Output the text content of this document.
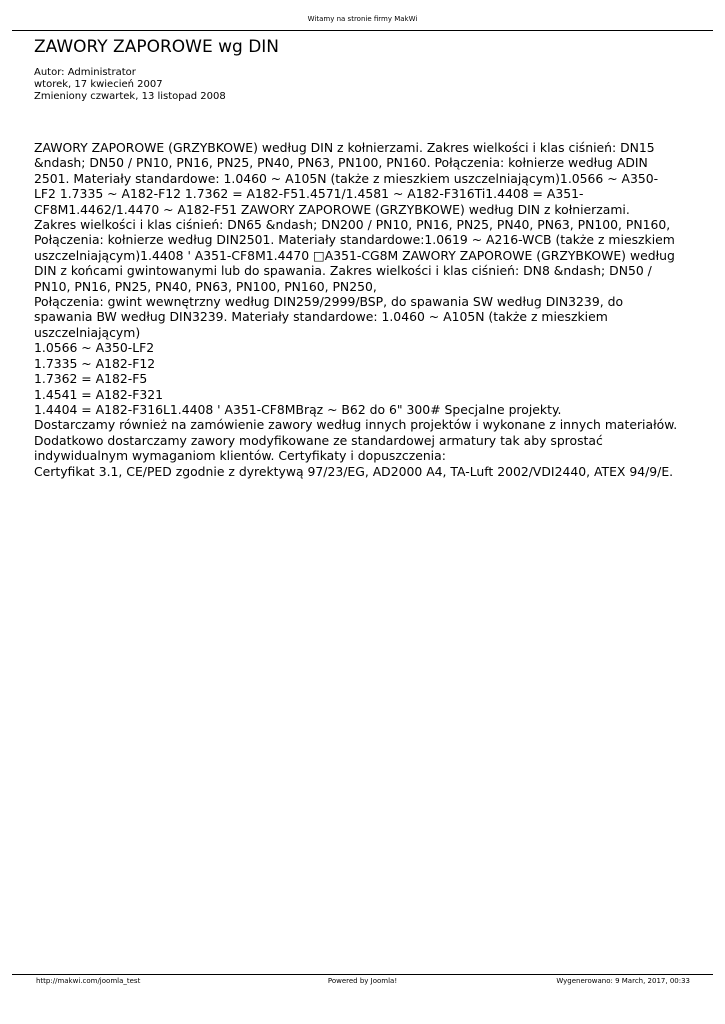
Witamy na stronie firmy MakWi
ZAWORY ZAPOROWE wg DIN
Autor: Administrator
wtorek, 17 kwiecień 2007
Zmieniony czwartek, 13 listopad 2008
ZAWORY ZAPOROWE (GRZYBKOWE) według DIN z kołnierzami. Zakres wielkości i klas ciśnień: DN15
&ndash; DN50 / PN10, PN16, PN25, PN40, PN63, PN100, PN160. Połączenia: kołnierze według ADIN
2501. Materiały standardowe: 1.0460 ~ A105N (także z mieszkiem uszczelniającym)1.0566 ~ A350-
LF2 1.7335 ~ A182-F12 1.7362 = A182-F51.4571/1.4581 ~ A182-F316Ti1.4408 = A351-
CF8M1.4462/1.4470 ~ A182-F51 ZAWORY ZAPOROWE (GRZYBKOWE) według DIN z kołnierzami.
Zakres wielkości i klas ciśnień: DN65 &ndash; DN200 / PN10, PN16, PN25, PN40, PN63, PN100, PN160,
Połączenia: kołnierze według DIN2501. Materiały standardowe:1.0619 ~ A216-WCB (także z mieszkiem
uszczelniającym)1.4408 ' A351-CF8M1.4470 □A351-CG8M ZAWORY ZAPOROWE (GRZYBKOWE) według
DIN z końcami gwintowanymi lub do spawania. Zakres wielkości i klas ciśnień: DN8 &ndash; DN50 /
PN10, PN16, PN25, PN40, PN63, PN100, PN160, PN250,
Połączenia: gwint wewnętrzny według DIN259/2999/BSP, do spawania SW według DIN3239, do
spawania BW według DIN3239. Materiały standardowe: 1.0460 ~ A105N (także z mieszkiem
uszczelniającym)
1.0566 ~ A350-LF2
1.7335 ~ A182-F12
1.7362 = A182-F5
1.4541 = A182-F321
1.4404 = A182-F316L1.4408 ' A351-CF8MBrąz ~ B62 do 6" 300# Specjalne projekty.
Dostarczamy również na zamówienie zawory według innych projektów i wykonane z innych materiałów.
Dodatkowo dostarczamy zawory modyfikowane ze standardowej armatury tak aby sprostać
indywidualnym wymaganiom klientów. Certyfikaty i dopuszczenia:
Certyfikat 3.1, CE/PED zgodnie z dyrektywą 97/23/EG, AD2000 A4, TA-Luft 2002/VDI2440, ATEX 94/9/E.
Powered by Joomla!
http://makwi.com/joomla_test	Wygenerowano: 9 March, 2017, 00:33
